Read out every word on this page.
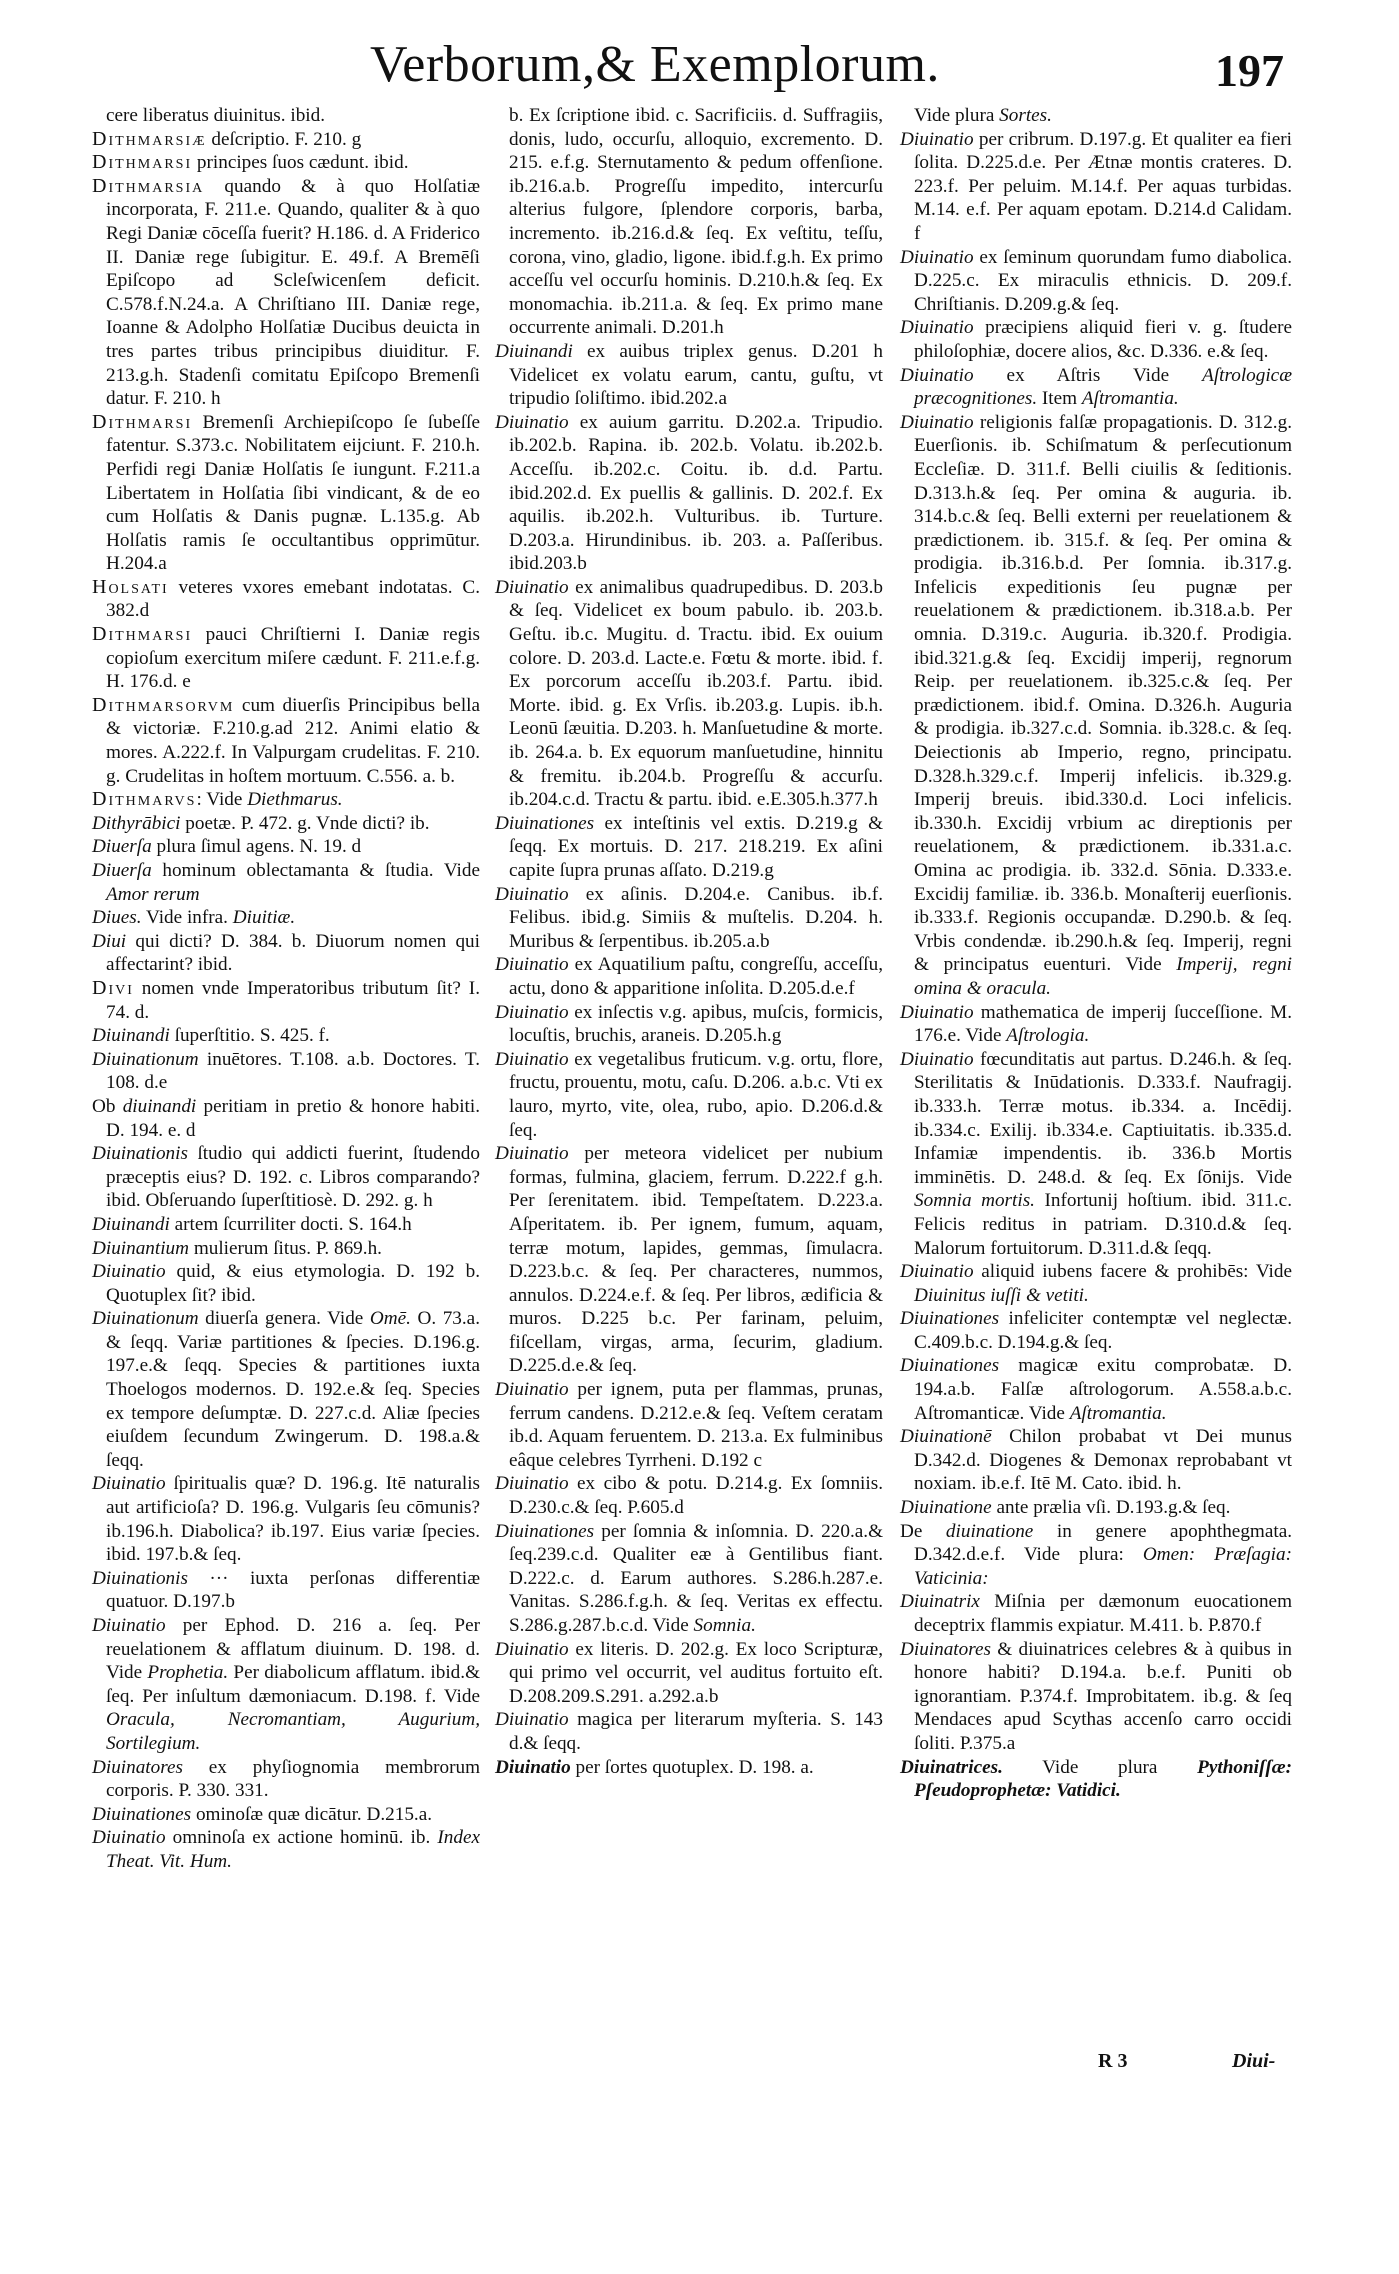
Verborum,& Exemplorum.	197

cere liberatus diuinitus. ibid.

Dithmarsiæ deſcriptio. F. 210. g

Dithmarsi principes ſuos cædunt. ibid.

Dithmarsia quando & à quo Holſatiæ incorporata, F. 211.e. Quando, qualiter & à quo Regi Daniæ cōceſſa fuerit? H.186. d. A Friderico II. Daniæ rege ſubigitur. E. 49.f. A Bremēſi Epiſcopo ad Scleſwicenſem deficit. C.578.f.N.24.a. A Chriſtiano III. Daniæ rege, Ioanne & Adolpho Holſatiæ Ducibus deuicta in tres partes tribus principibus diuiditur. F. 213.g.h. Stadenſi comitatu Epiſcopo Bremenſi datur. F. 210. h

Dithmarsi Bremenſi Archiepiſcopo ſe ſubeſſe fatentur. S.373.c. Nobilitatem eijciunt. F. 210.h. Perfidi regi Daniæ Holſatis ſe iungunt. F.211.a Libertatem in Holſatia ſibi vindicant, & de eo cum Holſatis & Danis pugnæ. L.135.g. Ab Holſatis ramis ſe occultantibus opprimūtur. H.204.a

Holsati veteres vxores emebant indotatas. C. 382.d

Dithmarsi pauci Chriſtierni I. Daniæ regis copioſum exercitum miſere cædunt. F. 211.e.f.g. H. 176.d. e

Dithmarsorvm cum diuerſis Principibus bella & victoriæ. F.210.g.ad 212. Animi elatio & mores. A.222.f. In Valpurgam crudelitas. F. 210. g. Crudelitas in hoſtem mortuum. C.556. a. b.

Dithmarvs: Vide Diethmarus.

Dithyrābici poetæ. P. 472. g. Vnde dicti? ib.

Diuerſa plura ſimul agens. N. 19. d

Diuerſa hominum oblectamanta & ſtudia. Vide Amor rerum

Diues. Vide infra. Diuitiæ.

Diui qui dicti? D. 384. b. Diuorum nomen qui affectarint? ibid.

Divi nomen vnde Imperatoribus tributum ſit? I. 74. d.

Diuinandi ſuperſtitio. S. 425. f.

Diuinationum inuētores. T.108. a.b. Doctores. T. 108. d.e

Ob diuinandi peritiam in pretio & honore habiti. D. 194. e. d

Diuinationis ſtudio qui addicti fuerint, ſtudendo præceptis eius? D. 192. c. Libros comparando? ibid. Obſeruando ſuperſtitiosè. D. 292. g. h

Diuinandi artem ſcurriliter docti. S. 164.h

Diuinantium mulierum ſitus. P. 869.h.

Diuinatio quid, & eius etymologia. D. 192 b. Quotuplex ſit? ibid.

Diuinationum diuerſa genera. Vide Omē. O. 73.a. & ſeqq. Variæ partitiones & ſpecies. D.196.g. 197.e.& ſeqq. Species & partitiones iuxta Thoelogos modernos. D. 192.e.& ſeq. Species ex tempore deſumptæ. D. 227.c.d. Aliæ ſpecies eiuſdem ſecundum Zwingerum. D. 198.a.& ſeqq.

Diuinatio ſpiritualis quæ? D. 196.g. Itē naturalis aut artificioſa? D. 196.g. Vulgaris ſeu cōmunis? ib.196.h. Diabolica? ib.197. Eius variæ ſpecies. ibid. 197.b.& ſeq.

Diuinationis ··· iuxta perſonas differentiæ quatuor. D.197.b

Diuinatio per Ephod. D. 216 a. ſeq. Per reuelationem & afflatum diuinum. D. 198. d. Vide Prophetia. Per diabolicum afflatum. ibid.& ſeq. Per inſultum dæmoniacum. D.198. f. Vide Oracula, Necromantiam, Augurium, Sortilegium.

Diuinatores ex phyſiognomia membrorum corporis. P. 330. 331.

Diuinationes ominoſæ quæ dicātur. D.215.a.

Diuinatio omninoſa ex actione hominū. ib. Index Theat. Vit. Hum.

b. Ex ſcriptione ibid. c. Sacrificiis. d. Suffragiis, donis, ludo, occurſu, alloquio, excremento. D. 215. e.f.g. Sternutamento & pedum offenſione. ib.216.a.b. Progreſſu impedito, intercurſu alterius fulgore, ſplendore corporis, barba, incremento. ib.216.d.& ſeq. Ex veſtitu, teſſu, corona, vino, gladio, ligone. ibid.f.g.h. Ex primo acceſſu vel occurſu hominis. D.210.h.& ſeq. Ex monomachia. ib.211.a. & ſeq. Ex primo mane occurrente animali. D.201.h

Diuinandi ex auibus triplex genus. D.201 h Videlicet ex volatu earum, cantu, guſtu, vt tripudio ſoliſtimo. ibid.202.a

Diuinatio ex auium garritu. D.202.a. Tripudio. ib.202.b. Rapina. ib. 202.b. Volatu. ib.202.b. Acceſſu. ib.202.c. Coitu. ib. d.d. Partu. ibid.202.d. Ex puellis & gallinis. D. 202.f. Ex aquilis. ib.202.h. Vulturibus. ib. Turture. D.203.a. Hirundinibus. ib. 203. a. Paſſeribus. ibid.203.b

Diuinatio ex animalibus quadrupedibus. D. 203.b & ſeq. Videlicet ex boum pabulo. ib. 203.b. Geſtu. ib.c. Mugitu. d. Tractu. ibid. Ex ouium colore. D. 203.d. Lacte.e. Fœtu & morte. ibid. f. Ex porcorum acceſſu ib.203.f. Partu. ibid. Morte. ibid. g. Ex Vrſis. ib.203.g. Lupis. ib.h. Leonū ſæuitia. D.203. h. Manſuetudine & morte. ib. 264.a. b. Ex equorum manſuetudine, hinnitu & fremitu. ib.204.b. Progreſſu & accurſu. ib.204.c.d. Tractu & partu. ibid. e.E.305.h.377.h

Diuinationes ex inteſtinis vel extis. D.219.g & ſeqq. Ex mortuis. D. 217. 218.219. Ex aſini capite ſupra prunas aſſato. D.219.g

Diuinatio ex aſinis. D.204.e. Canibus. ib.f. Felibus. ibid.g. Simiis & muſtelis. D.204. h. Muribus & ſerpentibus. ib.205.a.b

Diuinatio ex Aquatilium paſtu, congreſſu, acceſſu, actu, dono & apparitione inſolita. D.205.d.e.f

Diuinatio ex inſectis v.g. apibus, muſcis, formicis, locuſtis, bruchis, araneis. D.205.h.g

Diuinatio ex vegetalibus fruticum. v.g. ortu, flore, fructu, prouentu, motu, caſu. D.206. a.b.c. Vti ex lauro, myrto, vite, olea, rubo, apio. D.206.d.& ſeq.

Diuinatio per meteora videlicet per nubium formas, fulmina, glaciem, ferrum. D.222.f g.h. Per ſerenitatem. ibid. Tempeſtatem. D.223.a. Aſperitatem. ib. Per ignem, fumum, aquam, terræ motum, lapides, gemmas, ſimulacra. D.223.b.c. & ſeq. Per characteres, nummos, annulos. D.224.e.f. & ſeq. Per libros, ædificia & muros. D.225 b.c. Per farinam, peluim, fiſcellam, virgas, arma, ſecurim, gladium. D.225.d.e.& ſeq.

Diuinatio per ignem, puta per flammas, prunas, ferrum candens. D.212.e.& ſeq. Veſtem ceratam ib.d. Aquam feruentem. D. 213.a. Ex fulminibus eâque celebres Tyrrheni. D.192 c

Diuinatio ex cibo & potu. D.214.g. Ex ſomniis. D.230.c.& ſeq. P.605.d

Diuinationes per ſomnia & inſomnia. D. 220.a.& ſeq.239.c.d. Qualiter eæ à Gentilibus fiant. D.222.c. d. Earum authores. S.286.h.287.e. Vanitas. S.286.f.g.h. & ſeq. Veritas ex effectu. S.286.g.287.b.c.d. Vide Somnia.

Diuinatio ex literis. D. 202.g. Ex loco Scripturæ, qui primo vel occurrit, vel auditus fortuito eſt. D.208.209.S.291. a.292.a.b

Diuinatio magica per literarum myſteria. S. 143 d.& ſeqq.

Diuinatio per ſortes quotuplex. D. 198. a.

Vide plura Sortes.

Diuinatio per cribrum. D.197.g. Et qualiter ea fieri ſolita. D.225.d.e. Per Ætnæ montis crateres. D. 223.f. Per peluim. M.14.f. Per aquas turbidas. M.14. e.f. Per aquam epotam. D.214.d Calidam. f

Diuinatio ex ſeminum quorundam fumo diabolica. D.225.c. Ex miraculis ethnicis. D. 209.f. Chriſtianis. D.209.g.& ſeq.

Diuinatio præcipiens aliquid fieri v. g. ſtudere philoſophiæ, docere alios, &c. D.336. e.& ſeq.

Diuinatio ex Aſtris Vide Aſtrologicæ præcognitiones. Item Aſtromantia.

Diuinatio religionis falſæ propagationis. D. 312.g. Euerſionis. ib. Schiſmatum & perſecutionum Eccleſiæ. D. 311.f. Belli ciuilis & ſeditionis. D.313.h.& ſeq. Per omina & auguria. ib. 314.b.c.& ſeq. Belli externi per reuelationem & prædictionem. ib. 315.f. & ſeq. Per omina & prodigia. ib.316.b.d. Per ſomnia. ib.317.g. Infelicis expeditionis ſeu pugnæ per reuelationem & prædictionem. ib.318.a.b. Per omnia. D.319.c. Auguria. ib.320.f. Prodigia. ibid.321.g.& ſeq. Excidij imperij, regnorum Reip. per reuelationem. ib.325.c.& ſeq. Per prædictionem. ibid.f. Omina. D.326.h. Auguria & prodigia. ib.327.c.d. Somnia. ib.328.c. & ſeq. Deiectionis ab Imperio, regno, principatu. D.328.h.329.c.f. Imperij infelicis. ib.329.g. Imperij breuis. ibid.330.d. Loci infelicis. ib.330.h. Excidij vrbium ac direptionis per reuelationem, & prædictionem. ib.331.a.c. Omina ac prodigia. ib. 332.d. Sōnia. D.333.e. Excidij familiæ. ib. 336.b. Monaſterij euerſionis. ib.333.f. Regionis occupandæ. D.290.b. & ſeq. Vrbis condendæ. ib.290.h.& ſeq. Imperij, regni & principatus euenturi. Vide Imperij, regni omina & oracula.

Diuinatio mathematica de imperij ſucceſſione. M. 176.e. Vide Aſtrologia.

Diuinatio fœcunditatis aut partus. D.246.h. & ſeq. Sterilitatis & Inūdationis. D.333.f. Naufragij. ib.333.h. Terræ motus. ib.334. a. Incēdij. ib.334.c. Exilij. ib.334.e. Captiuitatis. ib.335.d. Infamiæ impendentis. ib. 336.b Mortis imminētis. D. 248.d. & ſeq. Ex ſōnijs. Vide Somnia mortis. Infortunij hoſtium. ibid. 311.c. Felicis reditus in patriam. D.310.d.& ſeq. Malorum fortuitorum. D.311.d.& ſeqq.

Diuinatio aliquid iubens facere & prohibēs: Vide Diuinitus iuſſi & vetiti.

Diuinationes infeliciter contemptæ vel neglectæ. C.409.b.c. D.194.g.& ſeq.

Diuinationes magicæ exitu comprobatæ. D. 194.a.b. Falſæ aſtrologorum. A.558.a.b.c. Aſtromanticæ. Vide Aſtromantia.

Diuinationē Chilon probabat vt Dei munus D.342.d. Diogenes & Demonax reprobabant vt noxiam. ib.e.f. Itē M. Cato. ibid. h.

Diuinatione ante prælia vſi. D.193.g.& ſeq.

De diuinatione in genere apophthegmata. D.342.d.e.f. Vide plura: Omen: Præſagia: Vaticinia:

Diuinatrix Miſnia per dæmonum euocationem deceptrix flammis expiatur. M.411. b. P.870.f

Diuinatores & diuinatrices celebres & à quibus in honore habiti? D.194.a. b.e.f. Puniti ob ignorantiam. P.374.f. Improbitatem. ib.g. & ſeq Mendaces apud Scythas accenſo carro occidi ſoliti. P.375.a

Diuinatrices. Vide plura Pythoniſſæ: Pſeudoprophetæ: Vatidici.

R 3	Diui-
